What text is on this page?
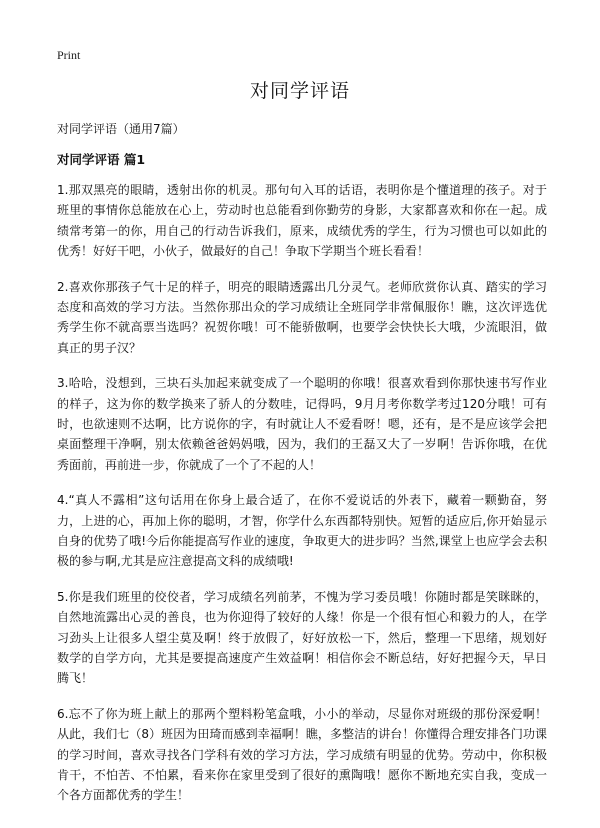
Print
对同学评语

对同学评语（通用7篇）

对同学评语 篇1

1.那双黑亮的眼睛，透射出你的机灵。那句句入耳的话语，表明你是个懂道理的孩子。对于班里的事情你总能放在心上，劳动时也总能看到你勤劳的身影，大家都喜欢和你在一起。成绩常考第一的你，用自己的行动告诉我们，原来，成绩优秀的学生，行为习惯也可以如此的优秀！好好干吧，小伙子，做最好的自己！争取下学期当个班长看看！

2.喜欢你那孩子气十足的样子，明亮的眼睛透露出几分灵气。老师欣赏你认真、踏实的学习态度和高效的学习方法。当然你那出众的学习成绩让全班同学非常佩服你！瞧，这次评选优秀学生你不就高票当选吗？祝贺你哦！可不能骄傲啊，也要学会快快长大哦，少流眼泪，做真正的男子汉？

3.哈哈，没想到，三块石头加起来就变成了一个聪明的你哦！很喜欢看到你那快速书写作业的样子，这为你的数学换来了骄人的分数哇，记得吗，9月月考你数学考过120分哦！可有时，也欲速则不达啊，比方说你的字，有时就让人不爱看呀！嗯，还有，是不是应该学会把桌面整理干净啊，别太依赖爸爸妈妈哦，因为，我们的王磊又大了一岁啊！告诉你哦，在优秀面前，再前进一步，你就成了一个了不起的人！

4.“真人不露相”这句话用在你身上最合适了，在你不爱说话的外表下，藏着一颗勤奋，努力，上进的心，再加上你的聪明，才智，你学什么东西都特别快。短暂的适应后,你开始显示自身的优势了哦!今后你能提高写作业的速度，争取更大的进步吗？当然,课堂上也应学会去积极的参与啊,尤其是应注意提高文科的成绩哦!

5.你是我们班里的佼佼者，学习成绩名列前茅，不愧为学习委员哦！你随时都是笑眯眯的，自然地流露出心灵的善良，也为你迎得了较好的人缘！你是一个很有恒心和毅力的人，在学习劲头上让很多人望尘莫及啊！终于放假了，好好放松一下，然后，整理一下思绪，规划好数学的自学方向，尤其是要提高速度产生效益啊！相信你会不断总结，好好把握今天，早日腾飞！

6.忘不了你为班上献上的那两个塑料粉笔盒哦，小小的举动，尽显你对班级的那份深爱啊！从此，我们七（8）班因为田琦而感到幸福啊！瞧，多整洁的讲台！你懂得合理安排各门功课的学习时间，喜欢寻找各门学科有效的学习方法，学习成绩有明显的优势。劳动中，你积极肯干，不怕苦、不怕累，看来你在家里受到了很好的熏陶哦！愿你不断地充实自我，变成一个各方面都优秀的学生！
